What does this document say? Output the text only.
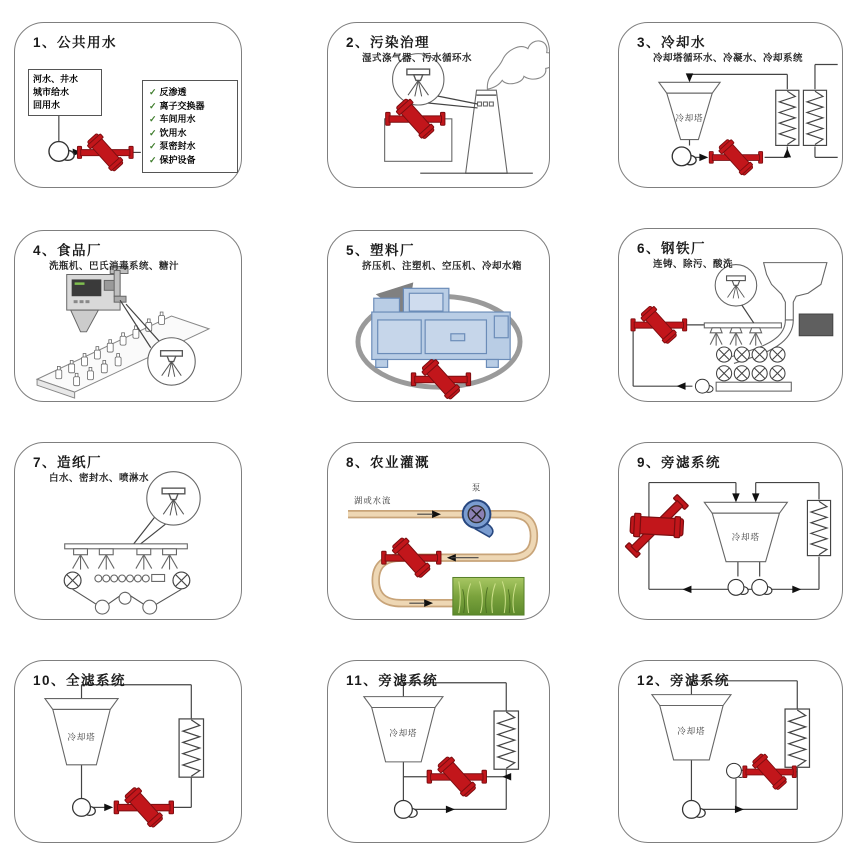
1、公共用水
河水、井水
城市给水
回用水
✓ 反渗透
✓ 离子交换器
✓ 车间用水
✓ 饮用水
✓ 泵密封水
✓ 保护设备
2、污染治理
湿式涤气器、污水循环水
3、冷却水
冷却塔循环水、冷凝水、冷却系统
冷却塔
4、食品厂
洗瓶机、巴氏消毒系统、糖汁
5、塑料厂
挤压机、注塑机、空压机、冷却水箱
6、钢铁厂
连铸、除污、酸洗
7、造纸厂
白水、密封水、喷淋水
8、农业灌溉
湖或水流
泵
9、旁滤系统
冷却塔
10、全滤系统
冷却塔
11、旁滤系统
冷却塔
12、旁滤系统
冷却塔
